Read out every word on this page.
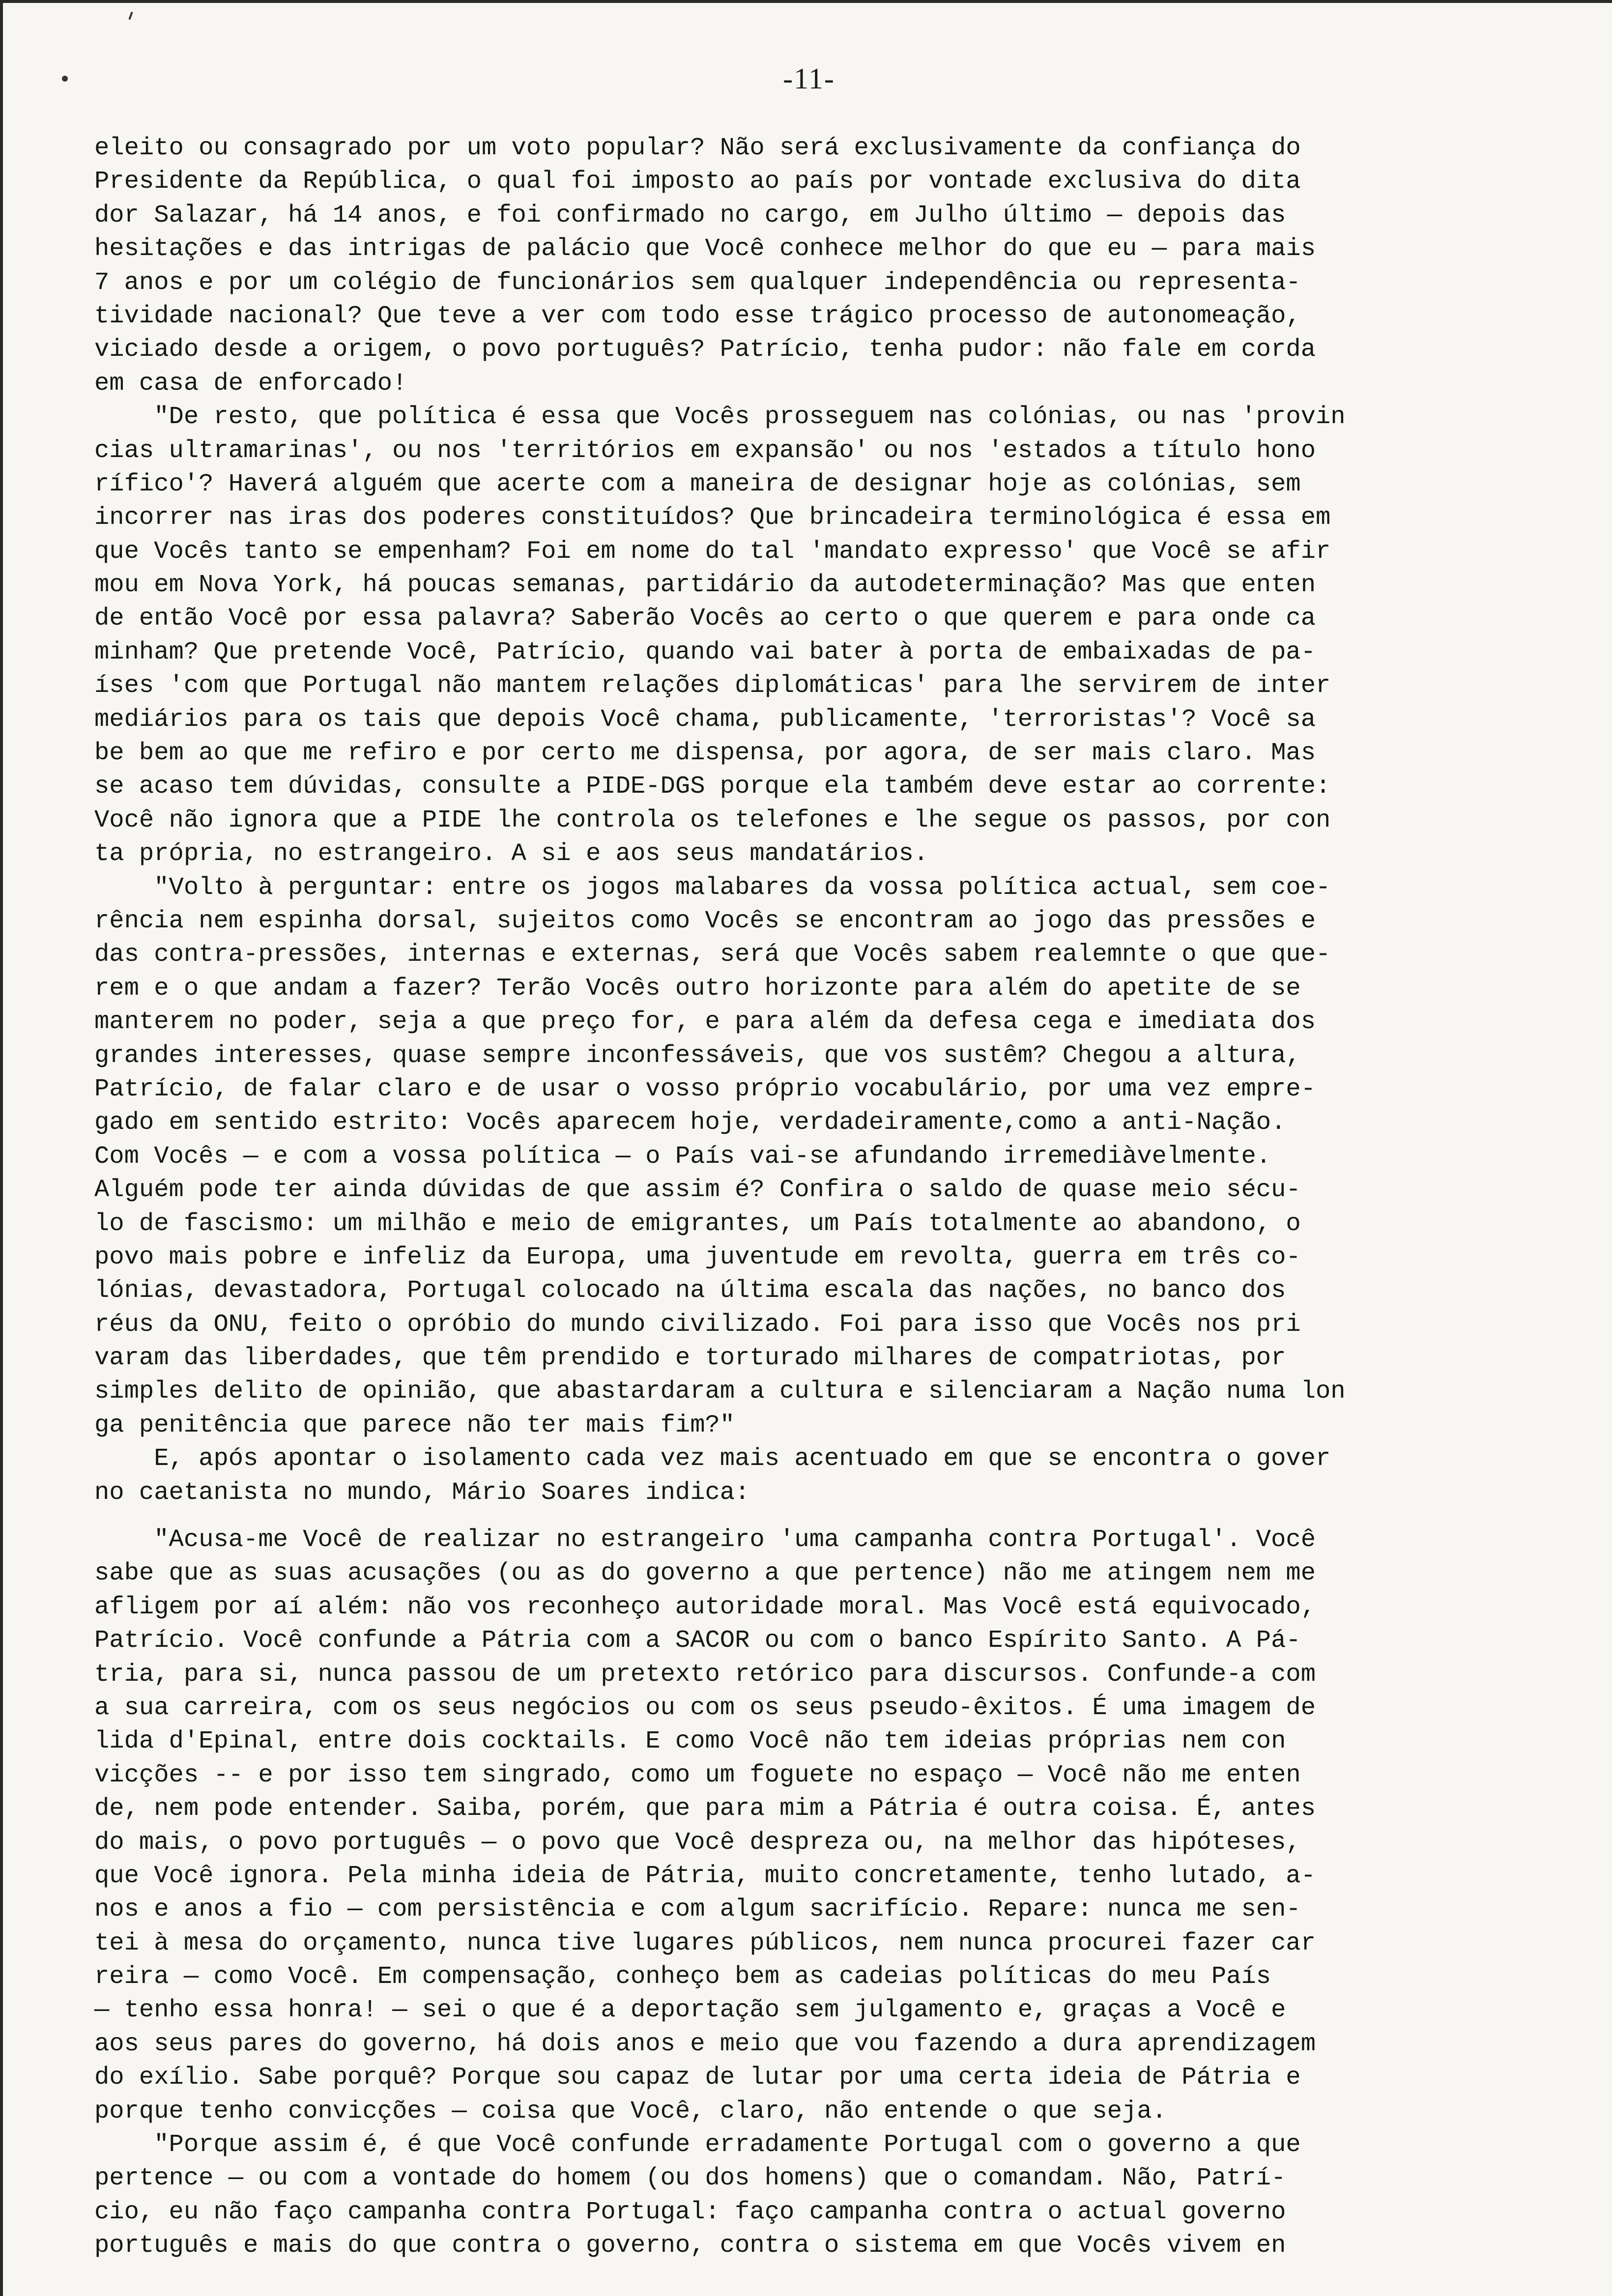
-11-
eleito ou consagrado por um voto popular? Não será exclusivamente da confiança do
Presidente da República, o qual foi imposto ao país por vontade exclusiva do dita
dor Salazar, há 14 anos, e foi confirmado no cargo, em Julho último — depois das
hesitações e das intrigas de palácio que Você conhece melhor do que eu — para mais
7 anos e por um colégio de funcionários sem qualquer independência ou representa-
tividade nacional? Que teve a ver com todo esse trágico processo de autonomeação,
viciado desde a origem, o povo português? Patrício, tenha pudor: não fale em corda
em casa de enforcado!
"De resto, que política é essa que Vocês prosseguem nas colónias, ou nas 'provin
cias ultramarinas', ou nos 'territórios em expansão' ou nos 'estados a título hono
rífico'? Haverá alguém que acerte com a maneira de designar hoje as colónias, sem
incorrer nas iras dos poderes constituídos? Que brincadeira terminológica é essa em
que Vocês tanto se empenham? Foi em nome do tal 'mandato expresso' que Você se afir
mou em Nova York, há poucas semanas, partidário da autodeterminação? Mas que enten
de então Você por essa palavra? Saberão Vocês ao certo o que querem e para onde ca
minham? Que pretende Você, Patrício, quando vai bater à porta de embaixadas de pa-
íses 'com que Portugal não mantem relações diplomáticas' para lhe servirem de inter
mediários para os tais que depois Você chama, publicamente, 'terroristas'? Você sa
be bem ao que me refiro e por certo me dispensa, por agora, de ser mais claro. Mas
se acaso tem dúvidas, consulte a PIDE-DGS porque ela também deve estar ao corrente:
Você não ignora que a PIDE lhe controla os telefones e lhe segue os passos, por con
ta própria, no estrangeiro. A si e aos seus mandatários.
"Volto à perguntar: entre os jogos malabares da vossa política actual, sem coe-
rência nem espinha dorsal, sujeitos como Vocês se encontram ao jogo das pressões e
das contra-pressões, internas e externas, será que Vocês sabem realemnte o que que-
rem e o que andam a fazer? Terão Vocês outro horizonte para além do apetite de se
manterem no poder, seja a que preço for, e para além da defesa cega e imediata dos
grandes interesses, quase sempre inconfessáveis, que vos sustêm? Chegou a altura,
Patrício, de falar claro e de usar o vosso próprio vocabulário, por uma vez empre-
gado em sentido estrito: Vocês aparecem hoje, verdadeiramente,como a anti-Nação.
Com Vocês — e com a vossa política — o País vai-se afundando irremediàvelmente.
Alguém pode ter ainda dúvidas de que assim é? Confira o saldo de quase meio sécu-
lo de fascismo: um milhão e meio de emigrantes, um País totalmente ao abandono, o
povo mais pobre e infeliz da Europa, uma juventude em revolta, guerra em três co-
lónias, devastadora, Portugal colocado na última escala das nações, no banco dos
réus da ONU, feito o opróbio do mundo civilizado. Foi para isso que Vocês nos pri
varam das liberdades, que têm prendido e torturado milhares de compatriotas, por
simples delito de opinião, que abastardaram a cultura e silenciaram a Nação numa lon
ga penitência que parece não ter mais fim?"
E, após apontar o isolamento cada vez mais acentuado em que se encontra o gover
no caetanista no mundo, Mário Soares indica:
"Acusa-me Você de realizar no estrangeiro 'uma campanha contra Portugal'. Você
sabe que as suas acusações (ou as do governo a que pertence) não me atingem nem me
afligem por aí além: não vos reconheço autoridade moral. Mas Você está equivocado,
Patrício. Você confunde a Pátria com a SACOR ou com o banco Espírito Santo. A Pá-
tria, para si, nunca passou de um pretexto retórico para discursos. Confunde-a com
a sua carreira, com os seus negócios ou com os seus pseudo-êxitos. É uma imagem de
lida d'Epinal, entre dois cocktails. E como Você não tem ideias próprias nem con
vicções -- e por isso tem singrado, como um foguete no espaço — Você não me enten
de, nem pode entender. Saiba, porém, que para mim a Pátria é outra coisa. É, antes
do mais, o povo português — o povo que Você despreza ou, na melhor das hipóteses,
que Você ignora. Pela minha ideia de Pátria, muito concretamente, tenho lutado, a-
nos e anos a fio — com persistência e com algum sacrifício. Repare: nunca me sen-
tei à mesa do orçamento, nunca tive lugares públicos, nem nunca procurei fazer car
reira — como Você. Em compensação, conheço bem as cadeias políticas do meu País
— tenho essa honra! — sei o que é a deportação sem julgamento e, graças a Você e
aos seus pares do governo, há dois anos e meio que vou fazendo a dura aprendizagem
do exílio. Sabe porquê? Porque sou capaz de lutar por uma certa ideia de Pátria e
porque tenho convicções — coisa que Você, claro, não entende o que seja.
"Porque assim é, é que Você confunde erradamente Portugal com o governo a que
pertence — ou com a vontade do homem (ou dos homens) que o comandam. Não, Patrí-
cio, eu não faço campanha contra Portugal: faço campanha contra o actual governo
português e mais do que contra o governo, contra o sistema em que Vocês vivem en
